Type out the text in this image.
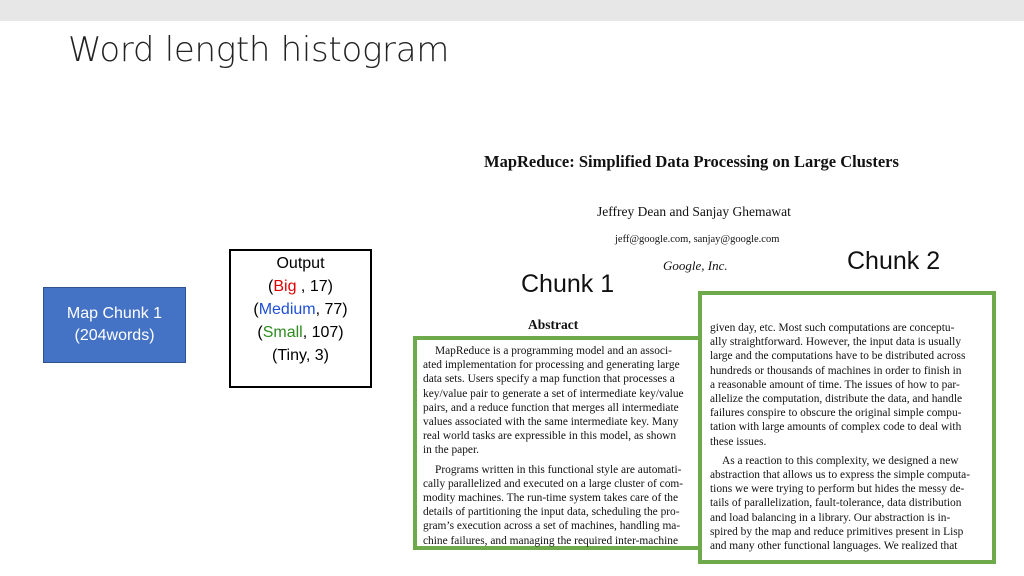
Word length histogram
Map Chunk 1
(204words)
Output
(Big , 17)
(Medium, 77)
(Small, 107)
(Tiny, 3)
MapReduce: Simplified Data Processing on Large Clusters
Jeffrey Dean and Sanjay Ghemawat
jeff@google.com, sanjay@google.com
Google, Inc.
Abstract
Chunk 1
Chunk 2
MapReduce is a programming model and an associ-
ated implementation for processing and generating large
data sets. Users specify a map function that processes a
key/value pair to generate a set of intermediate key/value
pairs, and a reduce function that merges all intermediate
values associated with the same intermediate key. Many
real world tasks are expressible in this model, as shown
in the paper.
Programs written in this functional style are automati-
cally parallelized and executed on a large cluster of com-
modity machines. The run-time system takes care of the
details of partitioning the input data, scheduling the pro-
gram’s execution across a set of machines, handling ma-
chine failures, and managing the required inter-machine
given day, etc. Most such computations are conceptu-
ally straightforward. However, the input data is usually
large and the computations have to be distributed across
hundreds or thousands of machines in order to finish in
a reasonable amount of time. The issues of how to par-
allelize the computation, distribute the data, and handle
failures conspire to obscure the original simple compu-
tation with large amounts of complex code to deal with
these issues.
As a reaction to this complexity, we designed a new
abstraction that allows us to express the simple computa-
tions we were trying to perform but hides the messy de-
tails of parallelization, fault-tolerance, data distribution
and load balancing in a library. Our abstraction is in-
spired by the map and reduce primitives present in Lisp
and many other functional languages. We realized that
